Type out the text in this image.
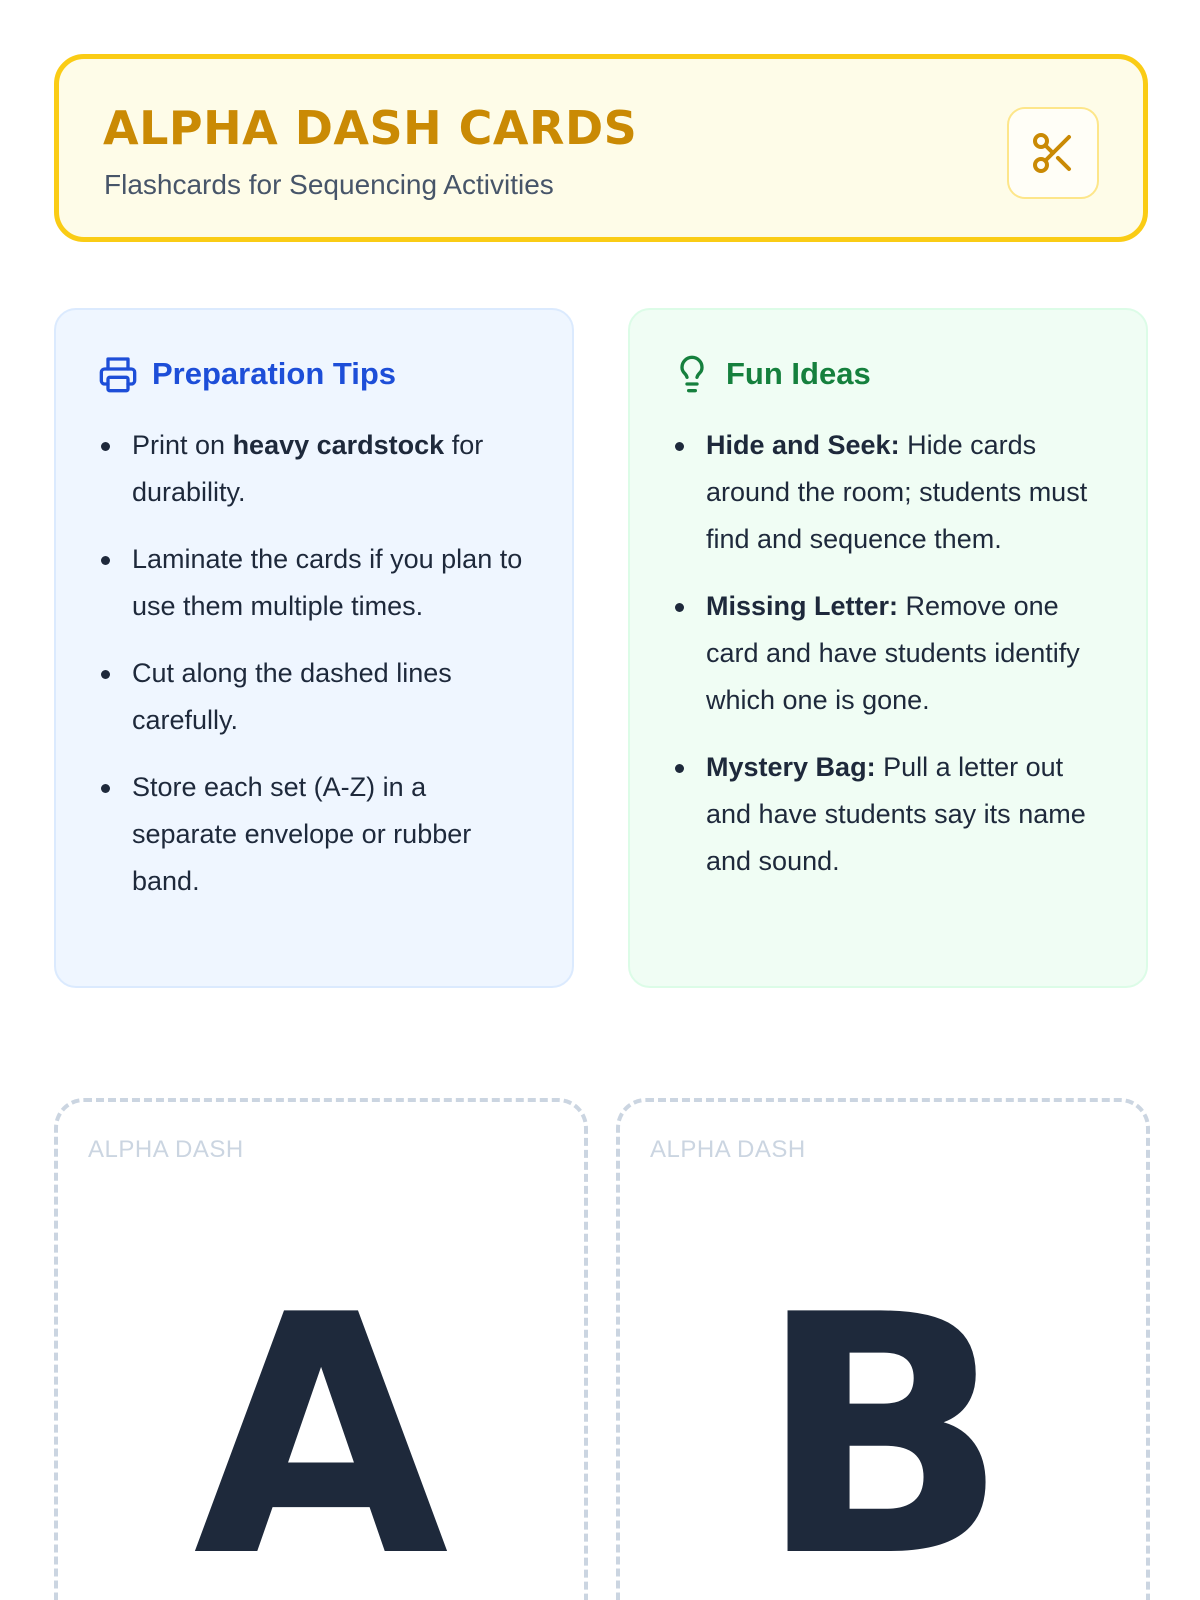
ALPHA DASH CARDS
Flashcards for Sequencing Activities
Preparation Tips
Print on heavy cardstock for durability.
Laminate the cards if you plan to use them multiple times.
Cut along the dashed lines carefully.
Store each set (A-Z) in a separate envelope or rubber band.
Fun Ideas
Hide and Seek: Hide cards around the room; students must find and sequence them.
Missing Letter: Remove one card and have students identify which one is gone.
Mystery Bag: Pull a letter out and have students say its name and sound.
ALPHA DASH
A
ALPHA DASH
B
